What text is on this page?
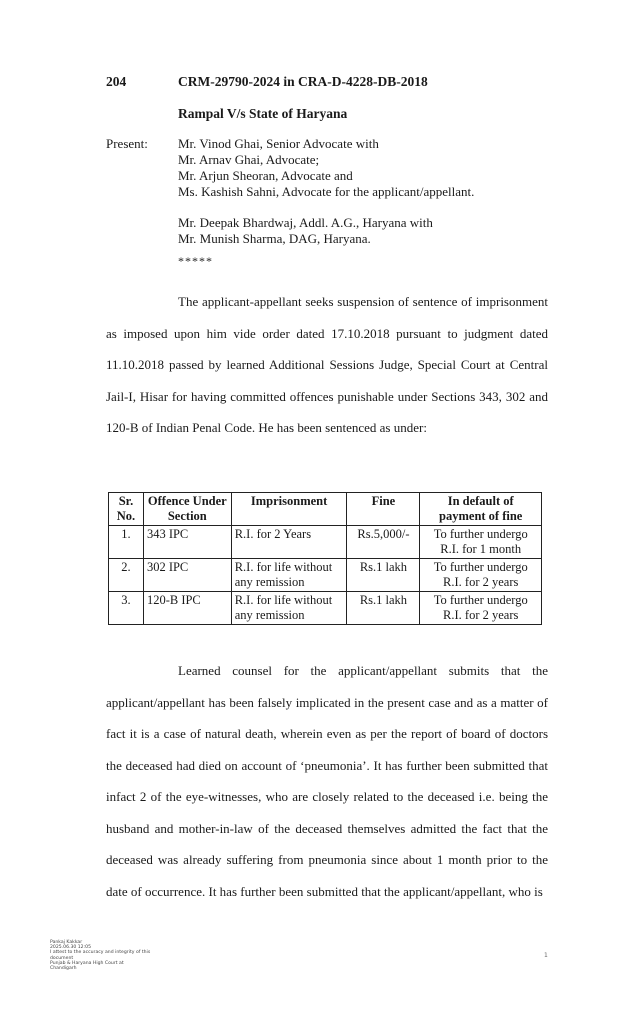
204	CRM-29790-2024 in CRA-D-4228-DB-2018
Rampal V/s State of Haryana
Present: Mr. Vinod Ghai, Senior Advocate with
Mr. Arnav Ghai, Advocate;
Mr. Arjun Sheoran, Advocate and
Ms. Kashish Sahni, Advocate for the applicant/appellant.
Mr. Deepak Bhardwaj, Addl. A.G., Haryana with
Mr. Munish Sharma, DAG, Haryana.
*****
The applicant-appellant seeks suspension of sentence of imprisonment as imposed upon him vide order dated 17.10.2018 pursuant to judgment dated 11.10.2018 passed by learned Additional Sessions Judge, Special Court at Central Jail-I, Hisar for having committed offences punishable under Sections 343, 302 and 120-B of Indian Penal Code. He has been sentenced as under:
Sr. No.	Offence Under Section	Imprisonment	Fine	In default of payment of fine
1.	343 IPC	R.I. for 2 Years	Rs.5,000/-	To further undergo R.I. for 1 month
2.	302 IPC	R.I. for life without any remission	Rs.1 lakh	To further undergo R.I. for 2 years
3.	120-B IPC	R.I. for life without any remission	Rs.1 lakh	To further undergo R.I. for 2 years
Learned counsel for the applicant/appellant submits that the applicant/appellant has been falsely implicated in the present case and as a matter of fact it is a case of natural death, wherein even as per the report of board of doctors the deceased had died on account of ‘pneumonia’. It has further been submitted that infact 2 of the eye-witnesses, who are closely related to the deceased i.e. being the husband and mother-in-law of the deceased themselves admitted the fact that the deceased was already suffering from pneumonia since about 1 month prior to the date of occurrence. It has further been submitted that the applicant/appellant, who is
Pankaj Kakkar
2025.06.30 12:05
I attest to the accuracy and integrity of this
document
Punjab & Haryana High Court at
Chandigarh
1
